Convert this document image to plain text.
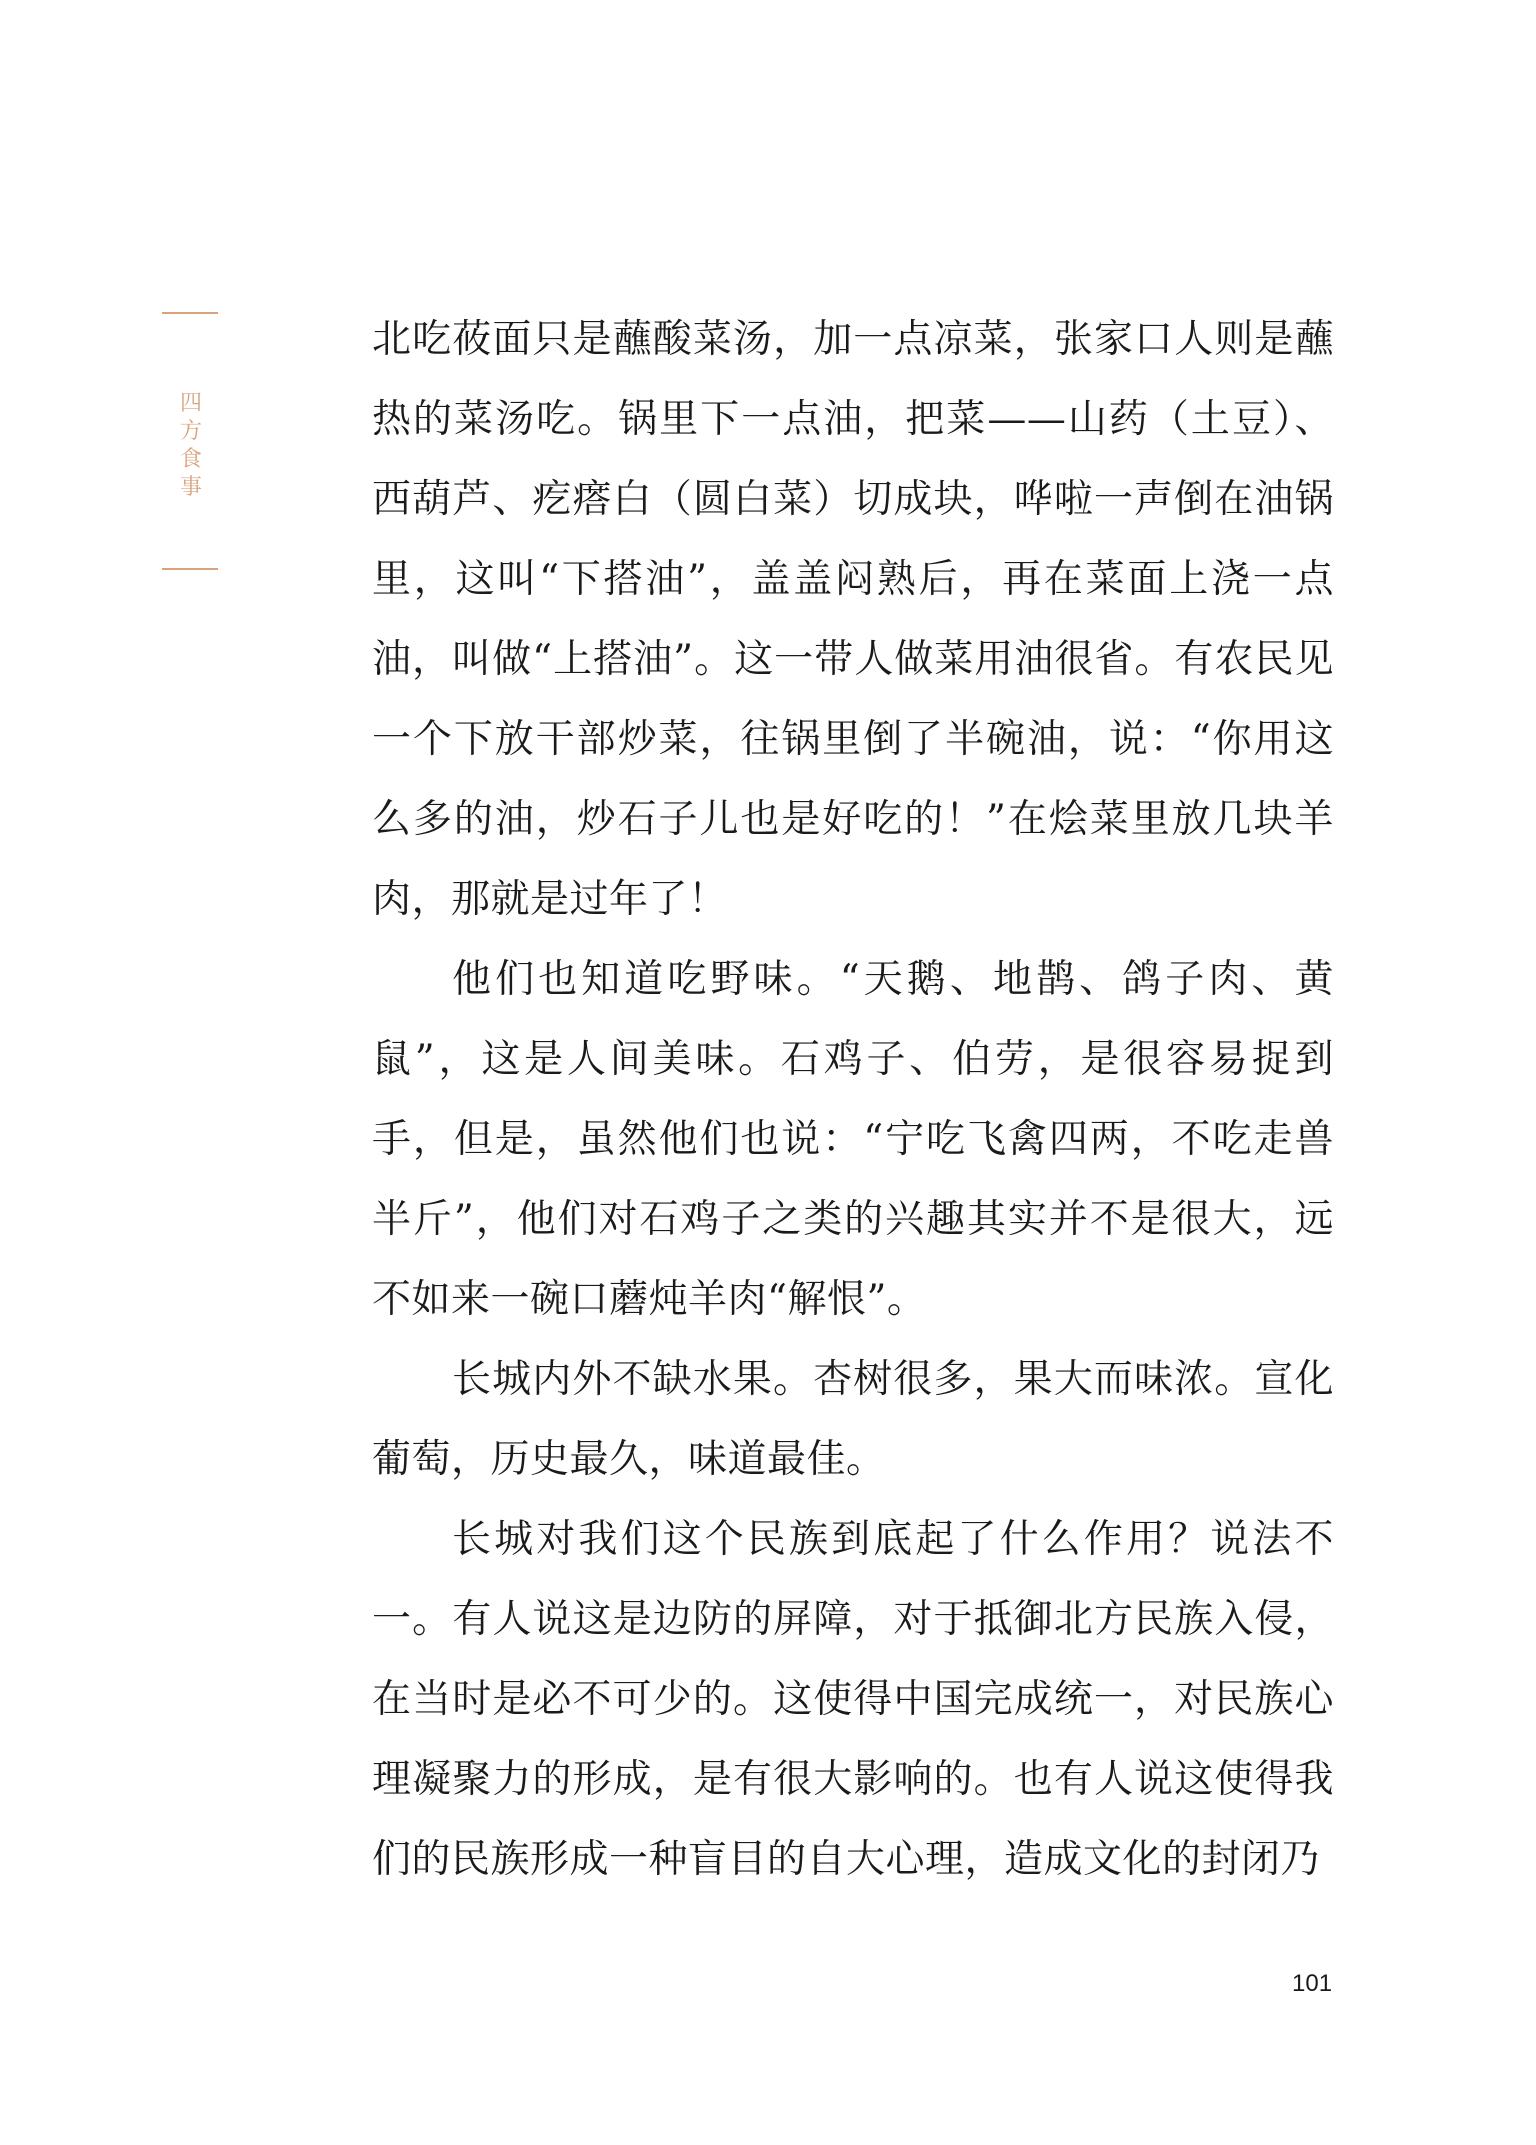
四方食事

北吃莜面只是蘸酸菜汤，加一点凉菜，张家口人则是蘸热的菜汤吃。锅里下一点油，把菜——山药（土豆）、西葫芦、疙瘩白（圆白菜）切成块，哗啦一声倒在油锅里，这叫“下搭油”，盖盖闷熟后，再在菜面上浇一点油，叫做“上搭油”。这一带人做菜用油很省。有农民见一个下放干部炒菜，往锅里倒了半碗油，说：“你用这么多的油，炒石子儿也是好吃的！”在烩菜里放几块羊肉，那就是过年了！

他们也知道吃野味。“天鹅、地鹊、鸽子肉、黄鼠”，这是人间美味。石鸡子、伯劳，是很容易捉到手，但是，虽然他们也说：“宁吃飞禽四两，不吃走兽半斤”，他们对石鸡子之类的兴趣其实并不是很大，远不如来一碗口蘑炖羊肉“解恨”。

长城内外不缺水果。杏树很多，果大而味浓。宣化葡萄，历史最久，味道最佳。

长城对我们这个民族到底起了什么作用？说法不一。有人说这是边防的屏障，对于抵御北方民族入侵，在当时是必不可少的。这使得中国完成统一，对民族心理凝聚力的形成，是有很大影响的。也有人说这使得我们的民族形成一种盲目的自大心理，造成文化的封闭乃

101
